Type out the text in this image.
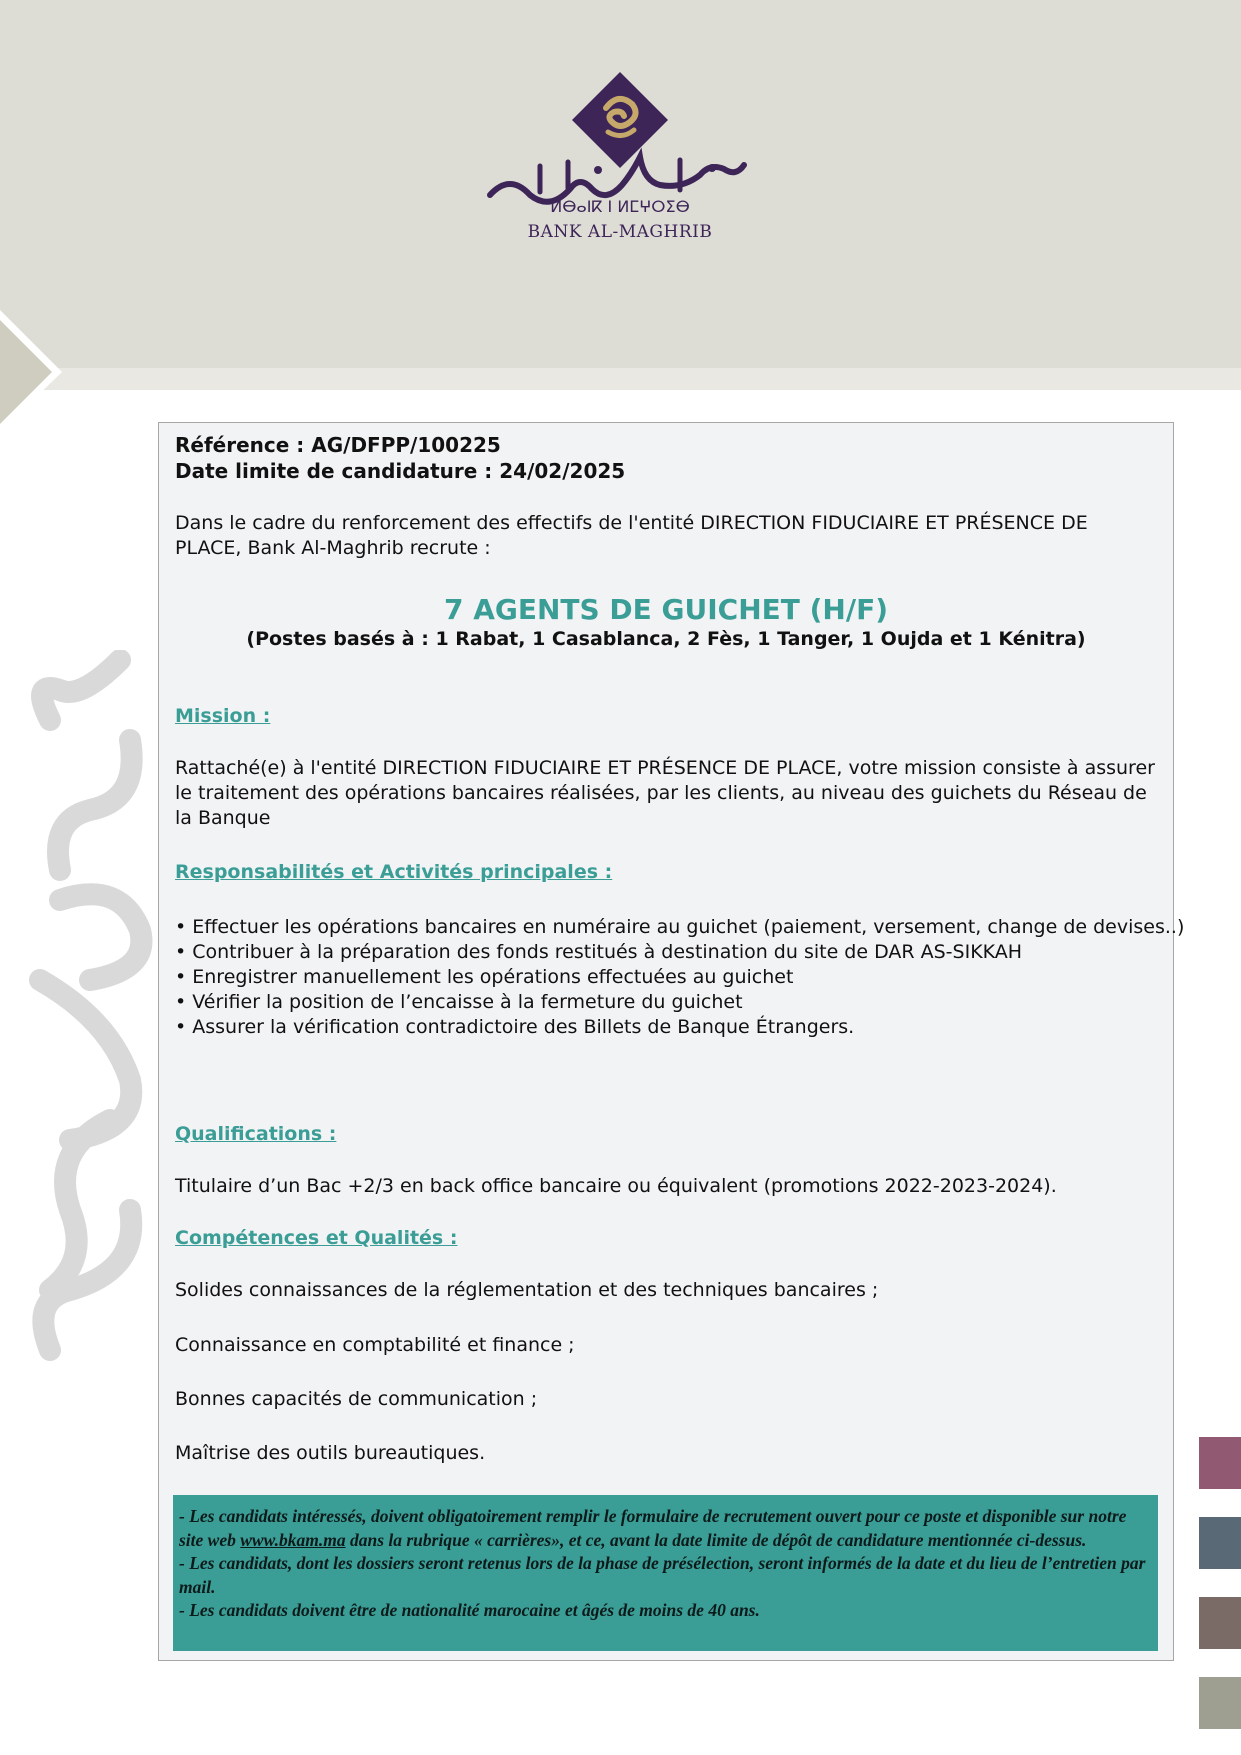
ⵍⴱⴰⵏⴽ ⵏ ⵍⵎⵖⵔⵉⴱ
BANK AL-MAGHRIB
Référence : AG/DFPP/100225
Date limite de candidature : 24/02/2025

Dans le cadre du renforcement des effectifs de l'entité DIRECTION FIDUCIAIRE ET PRÉSENCE DE PLACE, Bank Al-Maghrib recrute :

7 AGENTS DE GUICHET (H/F)
(Postes basés à : 1 Rabat, 1 Casablanca, 2 Fès, 1 Tanger, 1 Oujda et 1 Kénitra)
Mission :

Rattaché(e) à l'entité DIRECTION FIDUCIAIRE ET PRÉSENCE DE PLACE, votre mission consiste à assurer le traitement des opérations bancaires réalisées, par les clients, au niveau des guichets du Réseau de la Banque

Responsabilités et Activités principales :
• Effectuer les opérations bancaires en numéraire au guichet (paiement, versement, change de devises..)
• Contribuer à la préparation des fonds restitués à destination du site de DAR AS-SIKKAH
• Enregistrer manuellement les opérations effectuées au guichet
• Vérifier la position de l’encaisse à la fermeture du guichet
• Assurer la vérification contradictoire des Billets de Banque Étrangers.
Qualifications :

Titulaire d’un Bac +2/3 en back office bancaire ou équivalent (promotions 2022-2023-2024).

Compétences et Qualités :

Solides connaissances de la réglementation et des techniques bancaires ;

Connaissance en comptabilité et finance ;

Bonnes capacités de communication ;

Maîtrise des outils bureautiques.

- Les candidats intéressés, doivent obligatoirement remplir le formulaire de recrutement ouvert pour ce poste et disponible sur notre site web www.bkam.ma dans la rubrique « carrières», et ce, avant la date limite de dépôt de candidature mentionnée ci-dessus.

- Les candidats, dont les dossiers seront retenus lors de la phase de présélection, seront informés de la date et du lieu de l’entretien par mail.

- Les candidats doivent être de nationalité marocaine et âgés de moins de 40 ans.
